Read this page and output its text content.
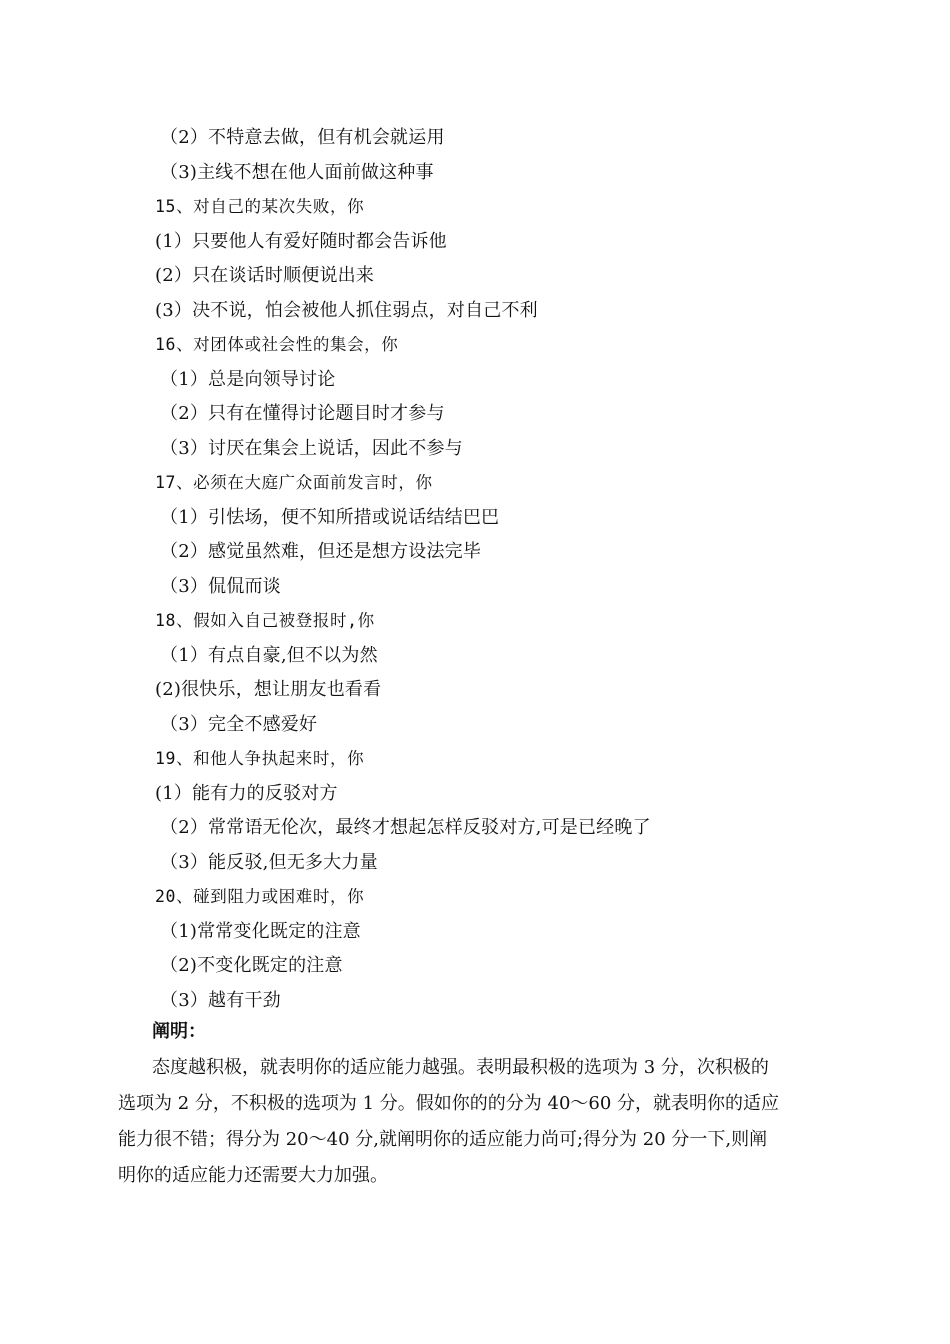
（2）不特意去做，但有机会就运用
（3)主线不想在他人面前做这种事
15、对自己的某次失败，你
(1）只要他人有爱好随时都会告诉他
(2）只在谈话时顺便说出来
(3）决不说，怕会被他人抓住弱点，对自己不利
16、对团体或社会性的集会，你
（1）总是向领导讨论
（2）只有在懂得讨论题目时才参与
（3）讨厌在集会上说话，因此不参与
17、必须在大庭广众面前发言时，你
（1）引怯场，便不知所措或说话结结巴巴
（2）感觉虽然难，但还是想方设法完毕
（3）侃侃而谈
18、假如入自己被登报时,你
（1）有点自豪,但不以为然
(2)很快乐，想让朋友也看看
（3）完全不感爱好
19、和他人争执起来时，你
(1）能有力的反驳对方
（2）常常语无伦次，最终才想起怎样反驳对方,可是已经晚了
（3）能反驳,但无多大力量
20、碰到阻力或困难时，你
（1)常常变化既定的注意
（2)不变化既定的注意
（3）越有干劲
阐明：
态度越积极，就表明你的适应能力越强。表明最积极的选项为 3 分，次积极的
选项为 2 分，不积极的选项为 1 分。假如你的的分为 40～60 分，就表明你的适应
能力很不错；得分为 20～40 分,就阐明你的适应能力尚可;得分为 20 分一下,则阐
明你的适应能力还需要大力加强。
